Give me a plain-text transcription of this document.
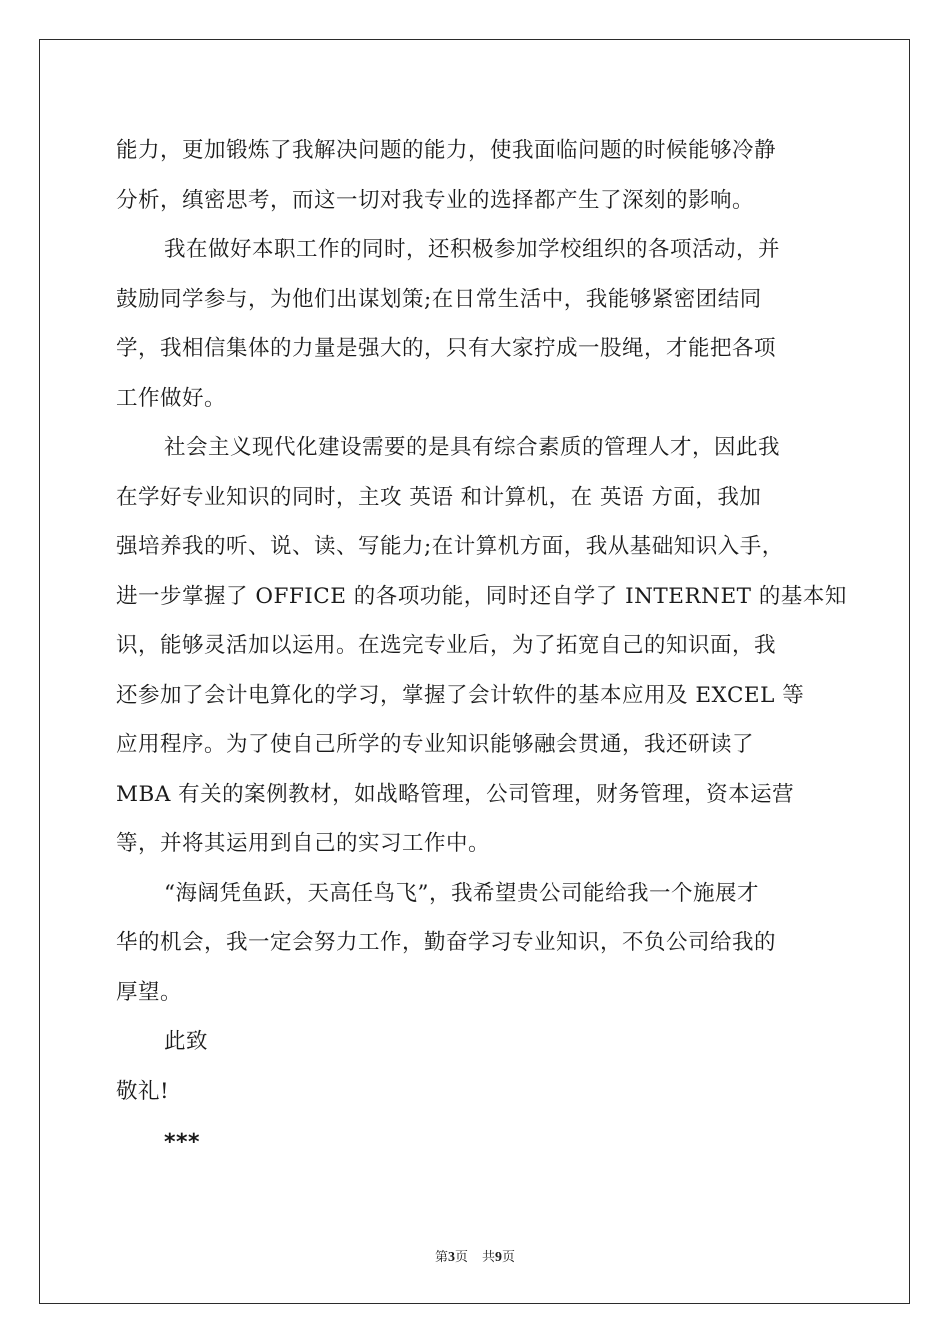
能力，更加锻炼了我解决问题的能力，使我面临问题的时候能够冷静
分析，缜密思考，而这一切对我专业的选择都产生了深刻的影响。
我在做好本职工作的同时，还积极参加学校组织的各项活动，并
鼓励同学参与，为他们出谋划策;在日常生活中，我能够紧密团结同
学，我相信集体的力量是强大的，只有大家拧成一股绳，才能把各项
工作做好。
社会主义现代化建设需要的是具有综合素质的管理人才，因此我
在学好专业知识的同时，主攻 英语 和计算机，在 英语 方面，我加
强培养我的听、说、读、写能力;在计算机方面，我从基础知识入手，
进一步掌握了 OFFICE 的各项功能，同时还自学了 INTERNET 的基本知
识，能够灵活加以运用。在选完专业后，为了拓宽自己的知识面，我
还参加了会计电算化的学习，掌握了会计软件的基本应用及 EXCEL 等
应用程序。为了使自己所学的专业知识能够融会贯通，我还研读了
MBA 有关的案例教材，如战略管理，公司管理，财务管理，资本运营
等，并将其运用到自己的实习工作中。
“海阔凭鱼跃，天高任鸟飞”，我希望贵公司能给我一个施展才
华的机会，我一定会努力工作，勤奋学习专业知识，不负公司给我的
厚望。
此致
敬礼!
***
第3页 共9页
